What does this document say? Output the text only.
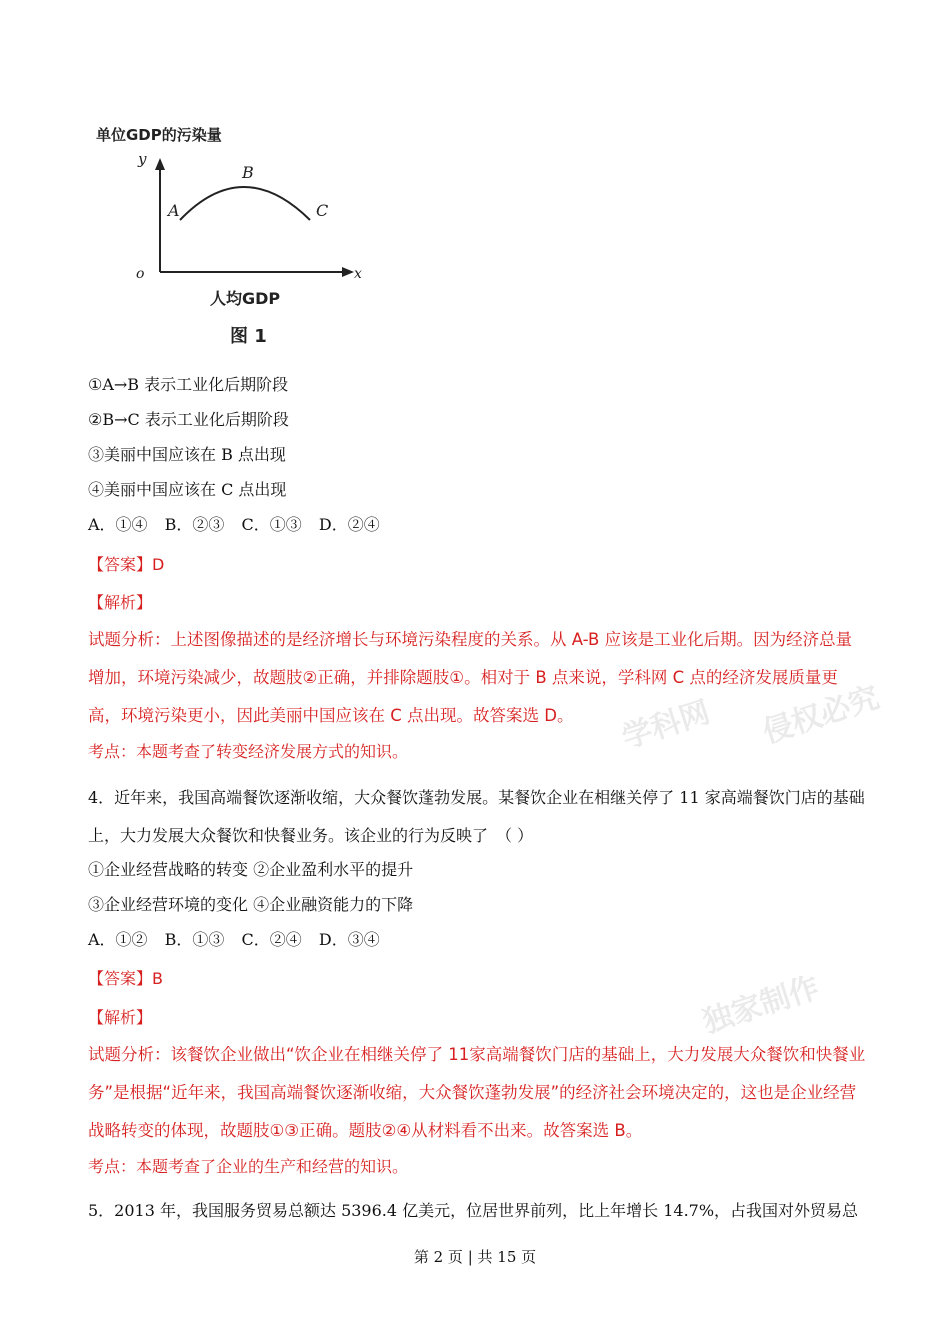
学科网
独家制作
侵权必究
单位GDP的污染量
y
o	x
A
B
C
人均GDP
图 1
①A→B 表示工业化后期阶段
②B→C 表示工业化后期阶段
③美丽中国应该在 B 点出现
④美丽中国应该在 C 点出现
A．①④ B．②③ C．①③ D．②④
【答案】D
【解析】
试题分析：上述图像描述的是经济增长与环境污染程度的关系。从 A-B 应该是工业化后期。因为经济总量增加，环境污染减少，故题肢②正确，并排除题肢①。相对于 B 点来说，学科网 C 点的经济发展质量更高，环境污染更小，因此美丽中国应该在 C 点出现。故答案选 D。
考点：本题考查了转变经济发展方式的知识。
4．近年来，我国高端餐饮逐渐收缩，大众餐饮蓬勃发展。某餐饮企业在相继关停了 11 家高端餐饮门店的基础上，大力发展大众餐饮和快餐业务。该企业的行为反映了　（ ）
①企业经营战略的转变 ②企业盈利水平的提升
③企业经营环境的变化 ④企业融资能力的下降
A．①② B．①③ C．②④ D．③④
【答案】B
【解析】
试题分析：该餐饮企业做出“饮企业在相继关停了 11家高端餐饮门店的基础上，大力发展大众餐饮和快餐业务”是根据“近年来，我国高端餐饮逐渐收缩，大众餐饮蓬勃发展”的经济社会环境决定的，这也是企业经营战略转变的体现，故题肢①③正确。题肢②④从材料看不出来。故答案选 B。
考点：本题考查了企业的生产和经营的知识。
5．2013 年，我国服务贸易总额达 5396.4 亿美元，位居世界前列，比上年增长 14.7%，占我国对外贸易总
第 2 页 | 共 15 页
